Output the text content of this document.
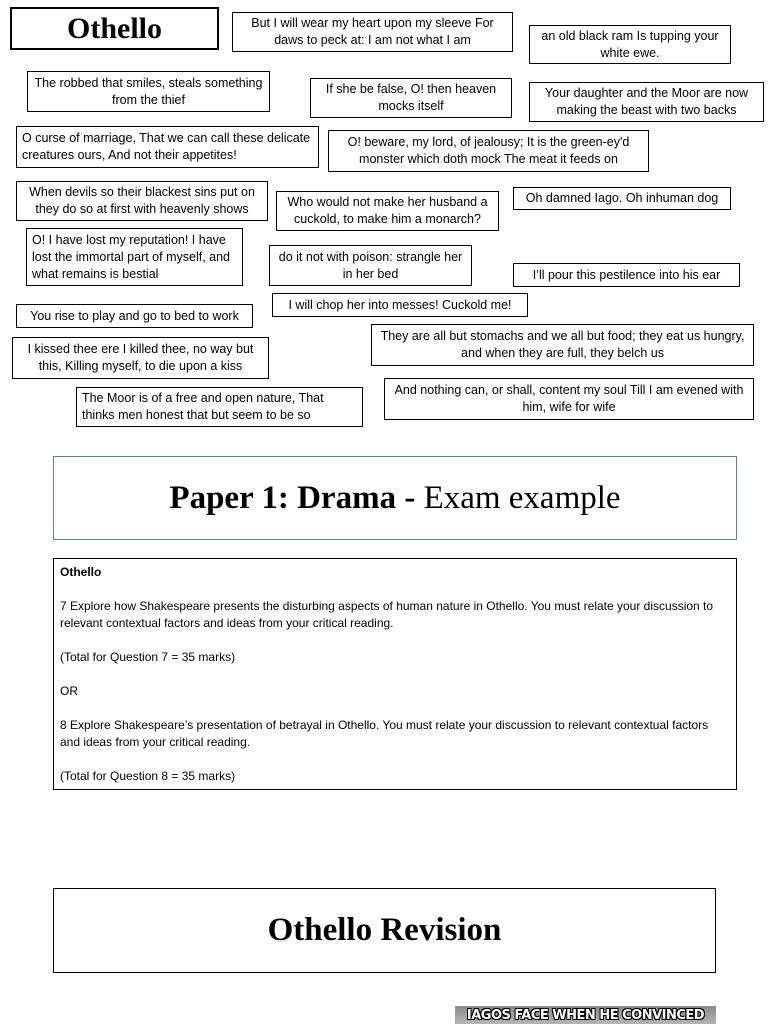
Othello	But I will wear my heart upon my sleeve For daws to peck at: I am not what I am	an old black ram Is tupping your white ewe.
The robbed that smiles, steals something from the thief
If she be false, O! then heaven mocks itself
Your daughter and the Moor are now making the beast with two backs
O curse of marriage, That we can call these delicate creatures ours, And not their appetites!
O! beware, my lord, of jealousy; It is the green-ey'd monster which doth mock The meat it feeds on
When devils so their blackest sins put on they do so at first with heavenly shows	Who would not make her husband a cuckold, to make him a monarch?
Oh damned Iago. Oh inhuman dog
O! I have lost my reputation! I have lost the immortal part of myself, and what remains is bestial
do it not with poison: strangle her in her bed	I’ll pour this pestilence into his ear
I will chop her into messes! Cuckold me!
You rise to play and go to bed to work
They are all but stomachs and we all but food; they eat us hungry, and when they are full, they belch us
I kissed thee ere I killed thee, no way but this, Killing myself, to die upon a kiss
And nothing can, or shall, content my soul Till I am evened with him, wife for wife
The Moor is of a free and open nature, That thinks men honest that but seem to be so
Paper 1: Drama - Exam example

Othello

7 Explore how Shakespeare presents the disturbing aspects of human nature in Othello. You must relate your discussion to relevant contextual factors and ideas from your critical reading.

(Total for Question 7 = 35 marks)

OR

8 Explore Shakespeare’s presentation of betrayal in Othello. You must relate your discussion to relevant contextual factors and ideas from your critical reading.

(Total for Question 8 = 35 marks)

Othello Revision
IAGOS FACE WHEN HE CONVINCED
